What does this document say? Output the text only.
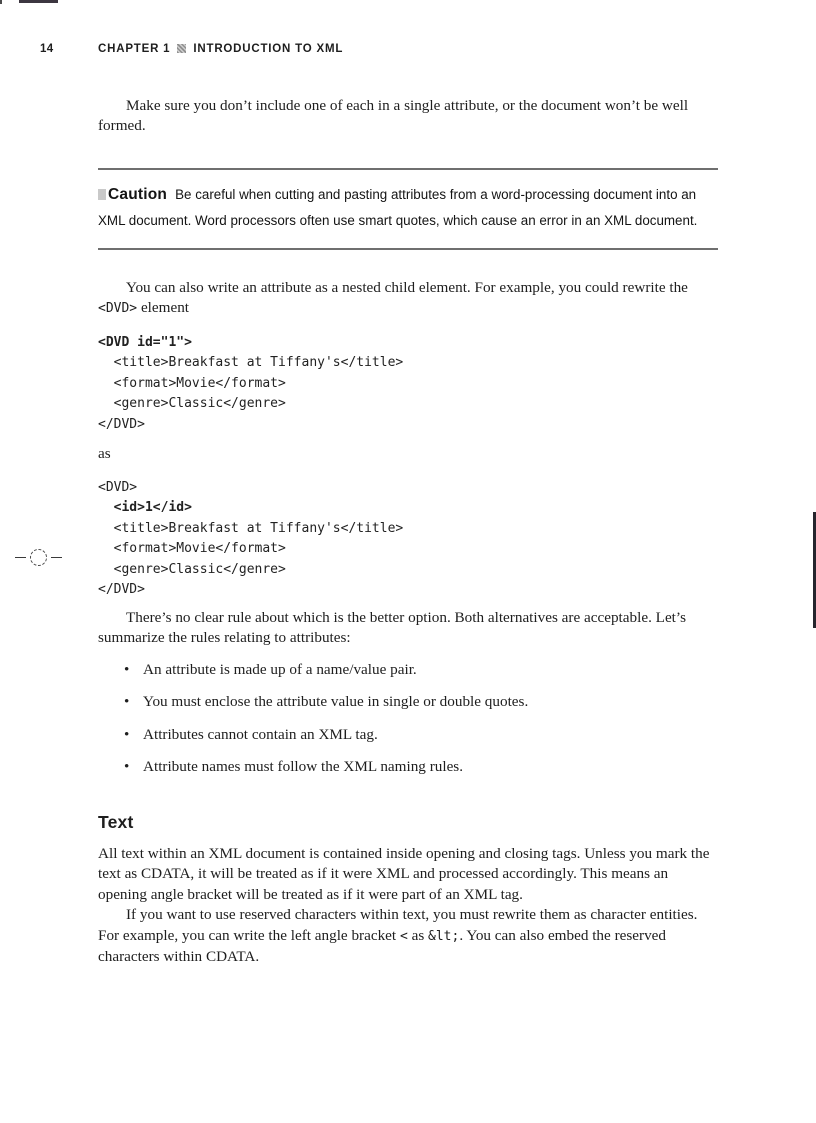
14	CHAPTER 1 INTRODUCTION TO XML

Make sure you don’t include one of each in a single attribute, or the document won’t be well formed.

Caution Be careful when cutting and pasting attributes from a word-processing document into an XML document. Word processors often use smart quotes, which cause an error in an XML document.

You can also write an attribute as a nested child element. For example, you could rewrite the <DVD> element

<DVD id="1">
<title>Breakfast at Tiffany's</title>
<format>Movie</format>
<genre>Classic</genre>
</DVD>

as

<DVD>
<id>1</id>
<title>Breakfast at Tiffany's</title>
<format>Movie</format>
<genre>Classic</genre>
</DVD>

There’s no clear rule about which is the better option. Both alternatives are acceptable. Let’s summarize the rules relating to attributes:

• An attribute is made up of a name/value pair.
• You must enclose the attribute value in single or double quotes.
• Attributes cannot contain an XML tag.
• Attribute names must follow the XML naming rules.
Text

All text within an XML document is contained inside opening and closing tags. Unless you mark the text as CDATA, it will be treated as if it were XML and processed accordingly. This means an opening angle bracket will be treated as if it were part of an XML tag.

If you want to use reserved characters within text, you must rewrite them as character entities. For example, you can write the left angle bracket < as &lt;. You can also embed the reserved characters within CDATA.
